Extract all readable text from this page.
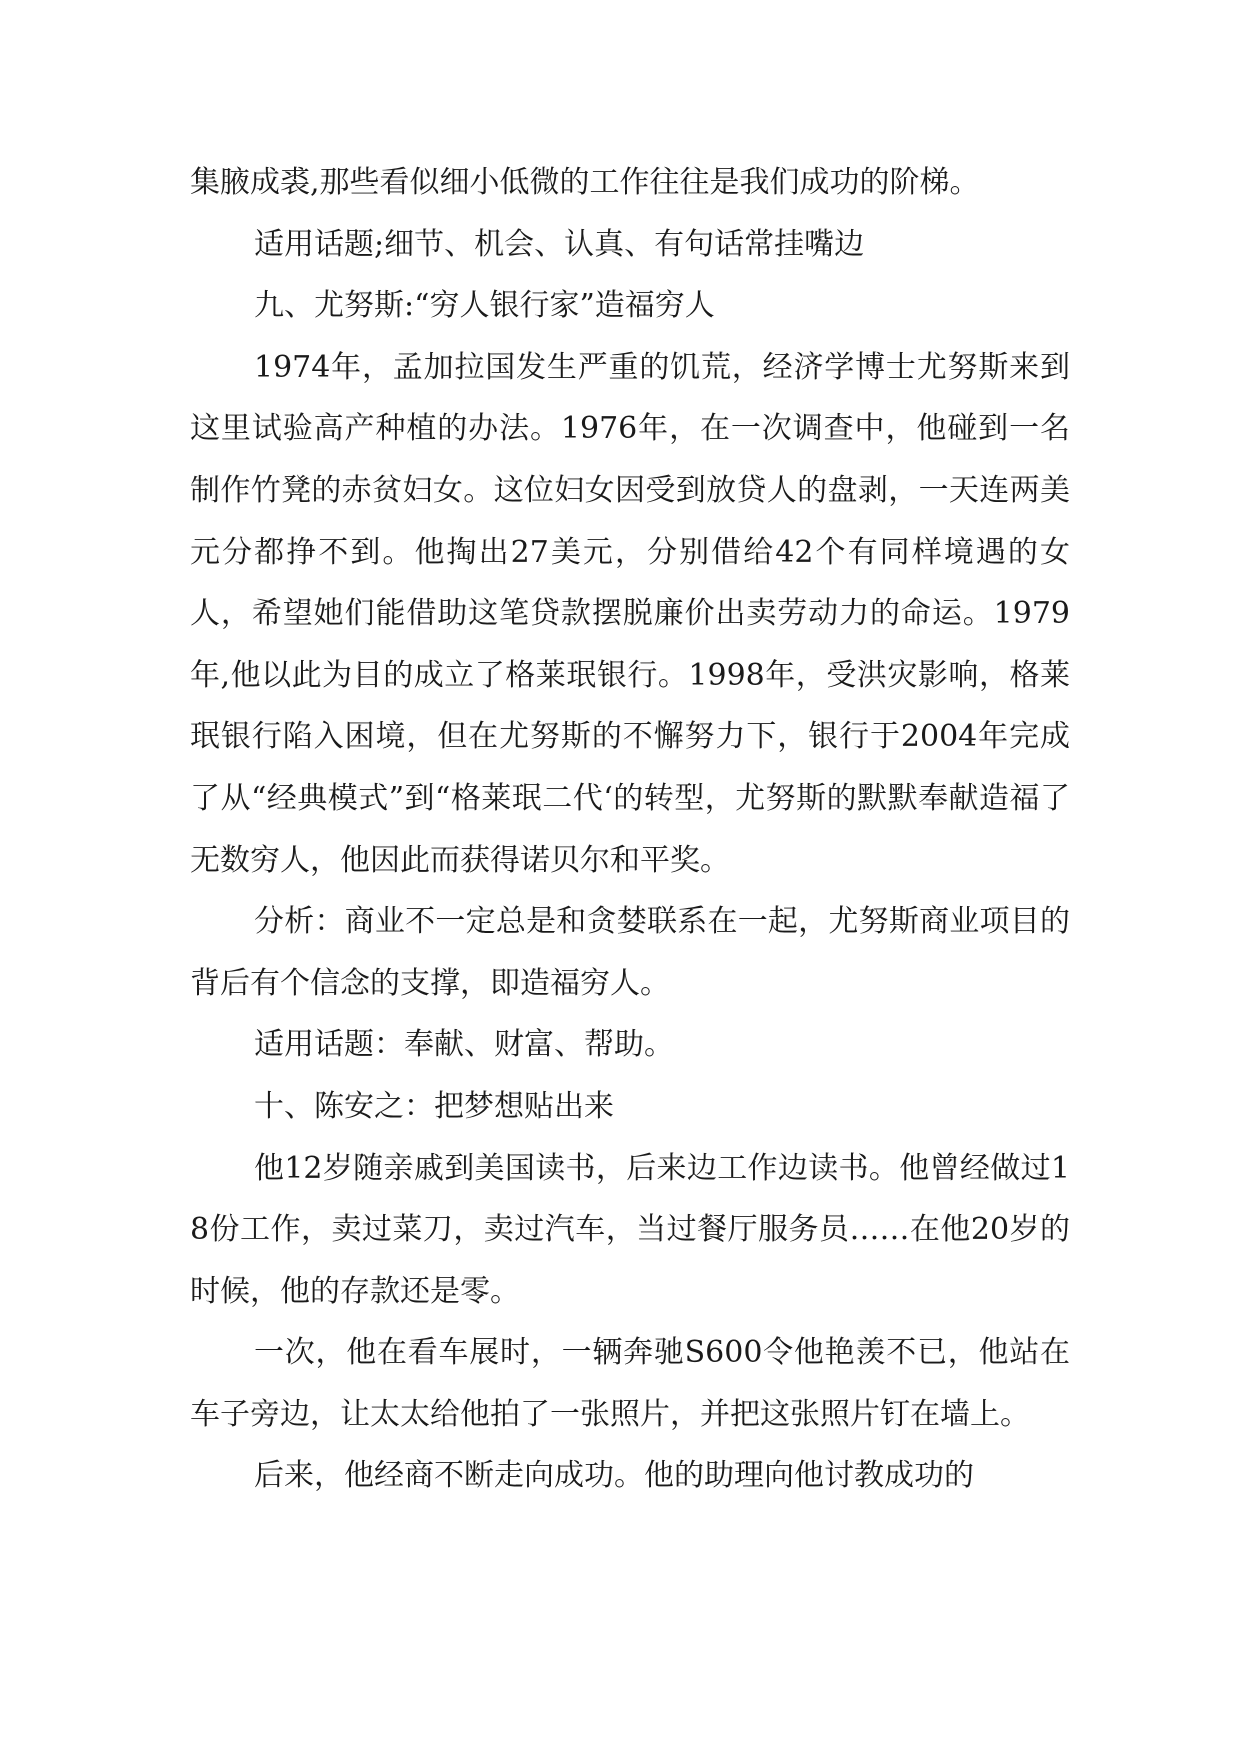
集腋成裘,那些看似细小低微的工作往往是我们成功的阶梯。

适用话题;细节、机会、认真、有句话常挂嘴边

九、尤努斯:“穷人银行家”造福穷人

1974年，孟加拉国发生严重的饥荒，经济学博士尤努斯来到这里试验高产种植的办法。1976年，在一次调查中，他碰到一名制作竹凳的赤贫妇女。这位妇女因受到放贷人的盘剥，一天连两美元分都挣不到。他掏出27美元，分别借给42个有同样境遇的女人，希望她们能借助这笔贷款摆脱廉价出卖劳动力的命运。1979年,他以此为目的成立了格莱珉银行。1998年，受洪灾影响，格莱珉银行陷入困境，但在尤努斯的不懈努力下，银行于2004年完成了从“经典模式”到“格莱珉二代‘的转型，尤努斯的默默奉献造福了无数穷人，他因此而获得诺贝尔和平奖。

分析：商业不一定总是和贪婪联系在一起，尤努斯商业项目的背后有个信念的支撑，即造福穷人。

适用话题：奉献、财富、帮助。

十、陈安之：把梦想贴出来

他12岁随亲戚到美国读书，后来边工作边读书。他曾经做过18份工作，卖过菜刀，卖过汽车，当过餐厅服务员……在他20岁的时候，他的存款还是零。

一次，他在看车展时，一辆奔驰S600令他艳羡不已，他站在车子旁边，让太太给他拍了一张照片，并把这张照片钉在墙上。

后来，他经商不断走向成功。他的助理向他讨教成功的
